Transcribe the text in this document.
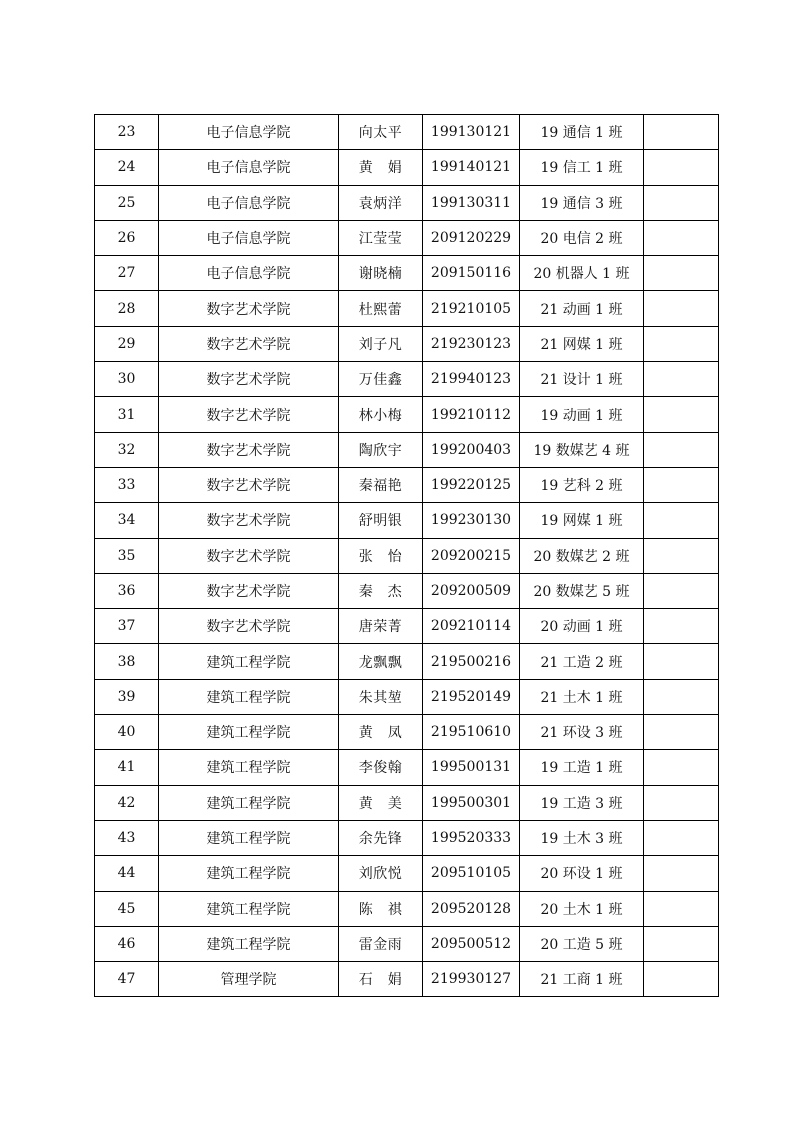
23	电子信息学院	向太平	199130121	19 通信 1 班	
24	电子信息学院	黄　娟	199140121	19 信工 1 班	
25	电子信息学院	袁炳洋	199130311	19 通信 3 班	
26	电子信息学院	江莹莹	209120229	20 电信 2 班	
27	电子信息学院	谢晓楠	209150116	20 机器人 1 班	
28	数字艺术学院	杜熙蕾	219210105	21 动画 1 班	
29	数字艺术学院	刘子凡	219230123	21 网媒 1 班	
30	数字艺术学院	万佳鑫	219940123	21 设计 1 班	
31	数字艺术学院	林小梅	199210112	19 动画 1 班	
32	数字艺术学院	陶欣宇	199200403	19 数媒艺 4 班	
33	数字艺术学院	秦福艳	199220125	19 艺科 2 班	
34	数字艺术学院	舒明银	199230130	19 网媒 1 班	
35	数字艺术学院	张　怡	209200215	20 数媒艺 2 班	
36	数字艺术学院	秦　杰	209200509	20 数媒艺 5 班	
37	数字艺术学院	唐荣菁	209210114	20 动画 1 班	
38	建筑工程学院	龙飘飘	219500216	21 工造 2 班	
39	建筑工程学院	朱其堃	219520149	21 土木 1 班	
40	建筑工程学院	黄　凤	219510610	21 环设 3 班	
41	建筑工程学院	李俊翰	199500131	19 工造 1 班	
42	建筑工程学院	黄　美	199500301	19 工造 3 班	
43	建筑工程学院	余先锋	199520333	19 土木 3 班	
44	建筑工程学院	刘欣悦	209510105	20 环设 1 班	
45	建筑工程学院	陈　祺	209520128	20 土木 1 班	
46	建筑工程学院	雷金雨	209500512	20 工造 5 班	
47	管理学院	石　娟	219930127	21 工商 1 班	
